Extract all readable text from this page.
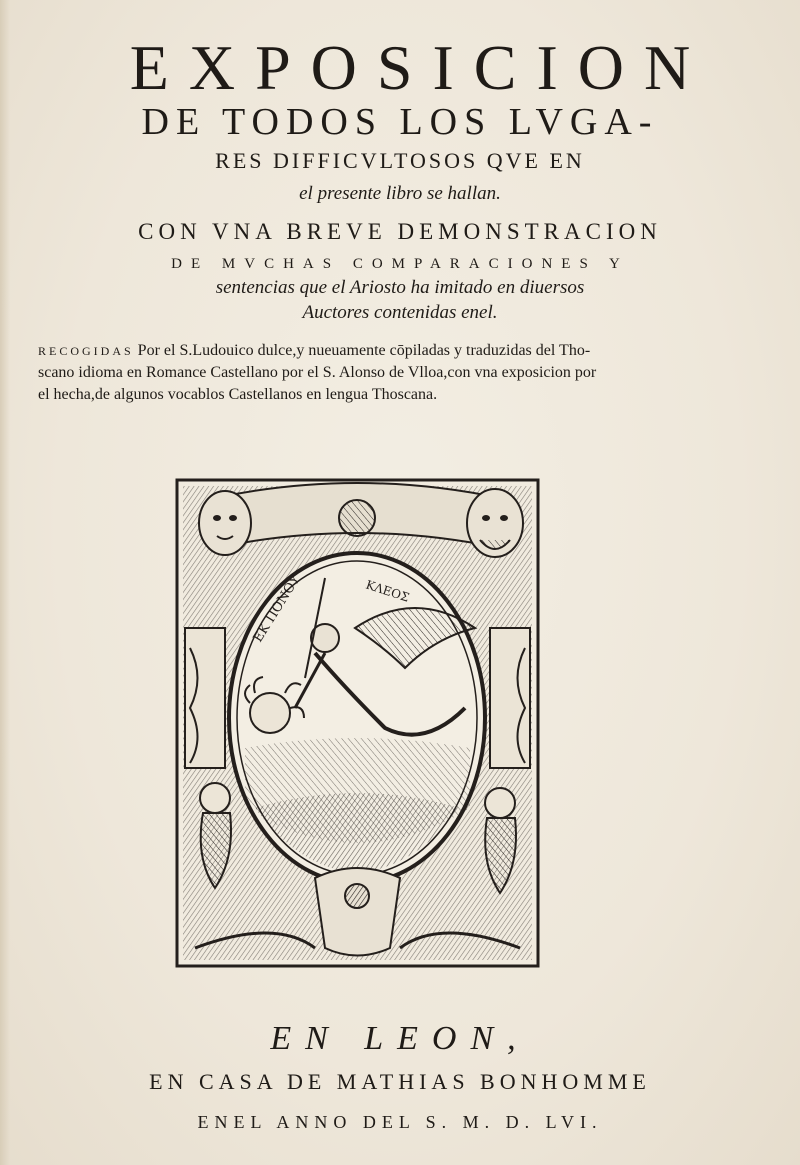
EXPOSICION
DE TODOS LOS LVGA-
RES DIFFICVLTOSOS QVE EN
el presente libro se hallan.
CON VNA BREVE DEMONSTRACION
DE MVCHAS COMPARACIONES Y
sentencias que el Ariosto ha imitado en diuersos
Auctores contenidas enel.
RECOGIDAS Por el S.Ludouico dulce,y nueuamente cōpiladas y traduzidas del Tho-
scano idioma en Romance Castellano por el S. Alonso de Vlloa,con vna exposicion por
el hecha,de algunos vocablos Castellanos en lengua Thoscana.
EK ΠΟΝΟΥ	ΚΛΕΟΣ
EN LEON,
EN CASA DE MATHIAS BONHOMME
ENEL ANNO DEL S. M. D. LVI.
